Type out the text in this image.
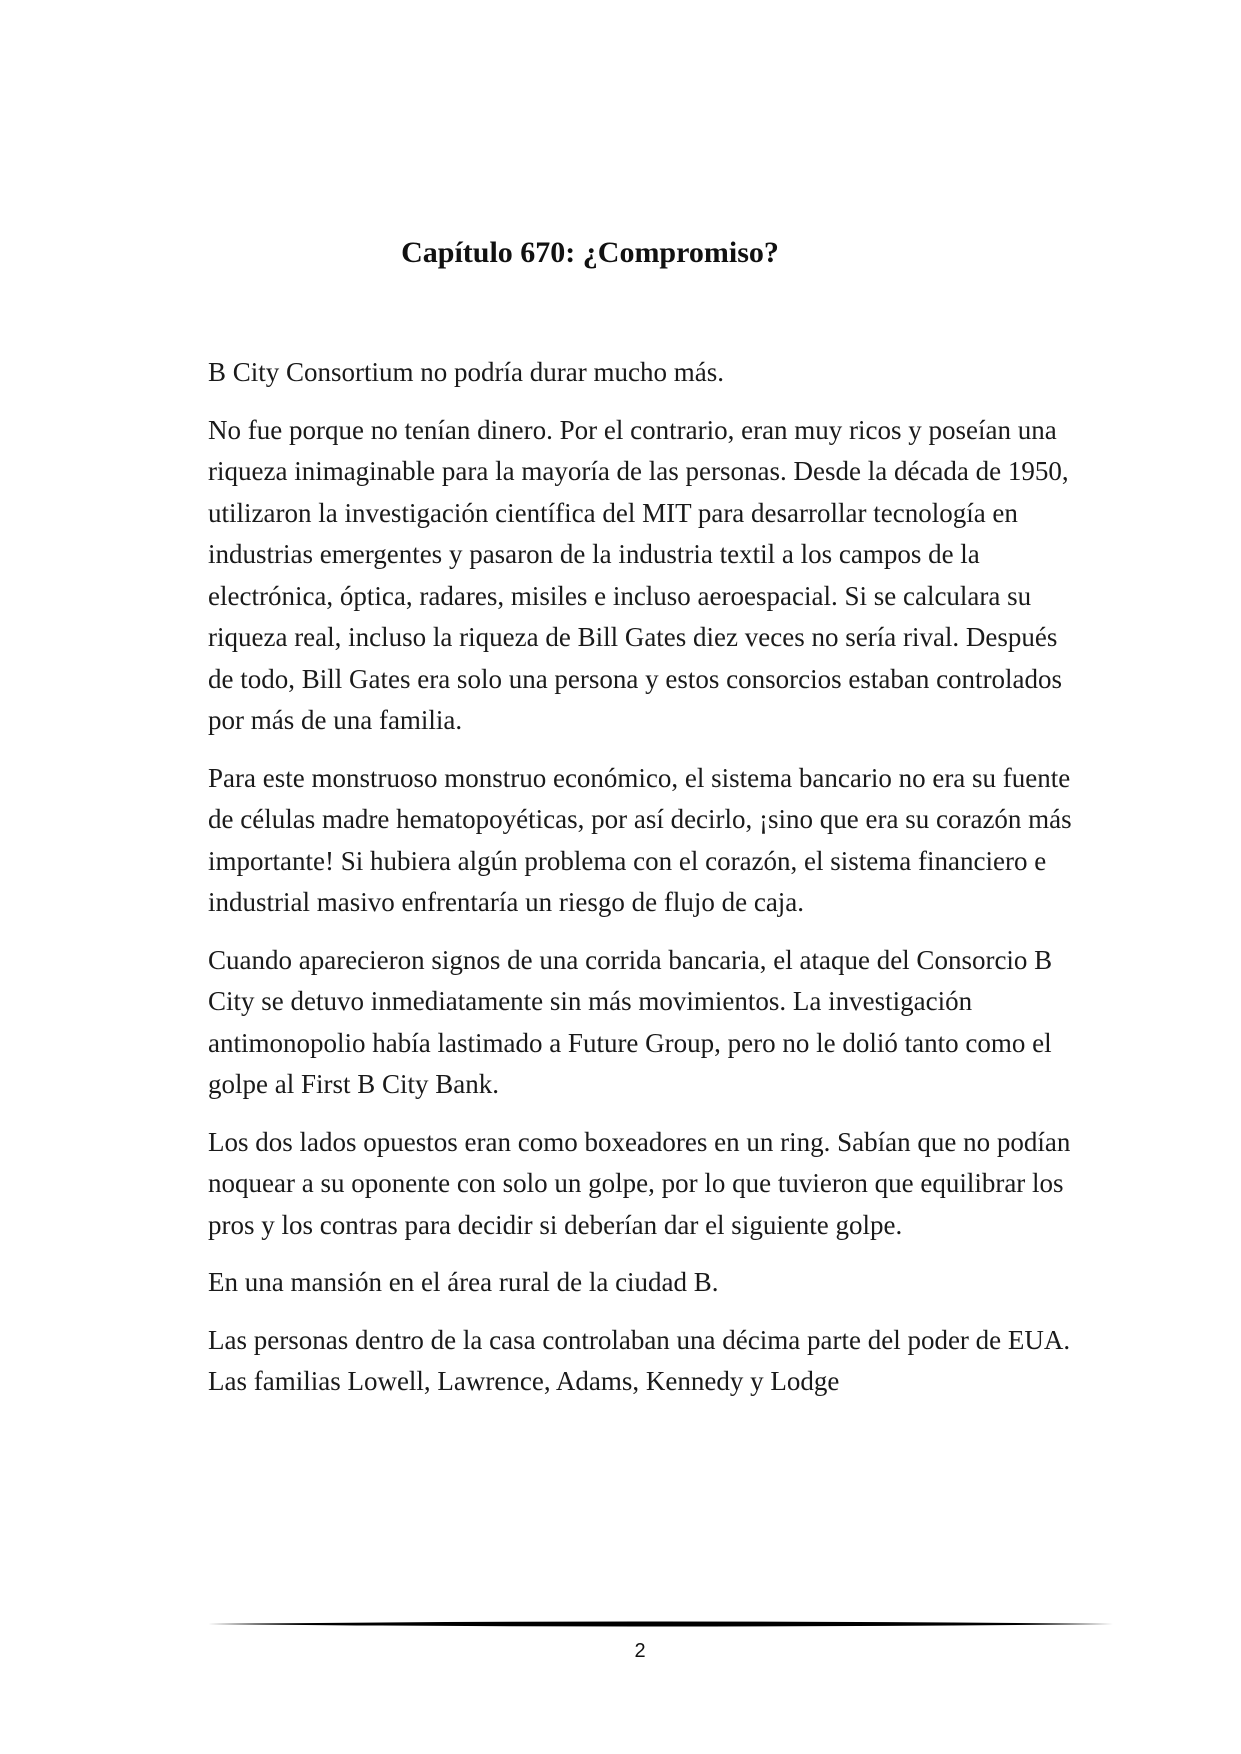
Capítulo 670: ¿Compromiso?

B City Consortium no podría durar mucho más.

No fue porque no tenían dinero. Por el contrario, eran muy ricos y poseían una riqueza inimaginable para la mayoría de las personas. Desde la década de 1950, utilizaron la investigación científica del MIT para desarrollar tecnología en industrias emergentes y pasaron de la industria textil a los campos de la electrónica, óptica, radares, misiles e incluso aeroespacial. Si se calculara su riqueza real, incluso la riqueza de Bill Gates diez veces no sería rival. Después de todo, Bill Gates era solo una persona y estos consorcios estaban controlados por más de una familia.

Para este monstruoso monstruo económico, el sistema bancario no era su fuente de células madre hematopoyéticas, por así decirlo, ¡sino que era su corazón más importante! Si hubiera algún problema con el corazón, el sistema financiero e industrial masivo enfrentaría un riesgo de flujo de caja.

Cuando aparecieron signos de una corrida bancaria, el ataque del Consorcio B City se detuvo inmediatamente sin más movimientos. La investigación antimonopolio había lastimado a Future Group, pero no le dolió tanto como el golpe al First B City Bank.

Los dos lados opuestos eran como boxeadores en un ring. Sabían que no podían noquear a su oponente con solo un golpe, por lo que tuvieron que equilibrar los pros y los contras para decidir si deberían dar el siguiente golpe.

En una mansión en el área rural de la ciudad B.

Las personas dentro de la casa controlaban una décima parte del poder de EUA. Las familias Lowell, Lawrence, Adams, Kennedy y Lodge

2
